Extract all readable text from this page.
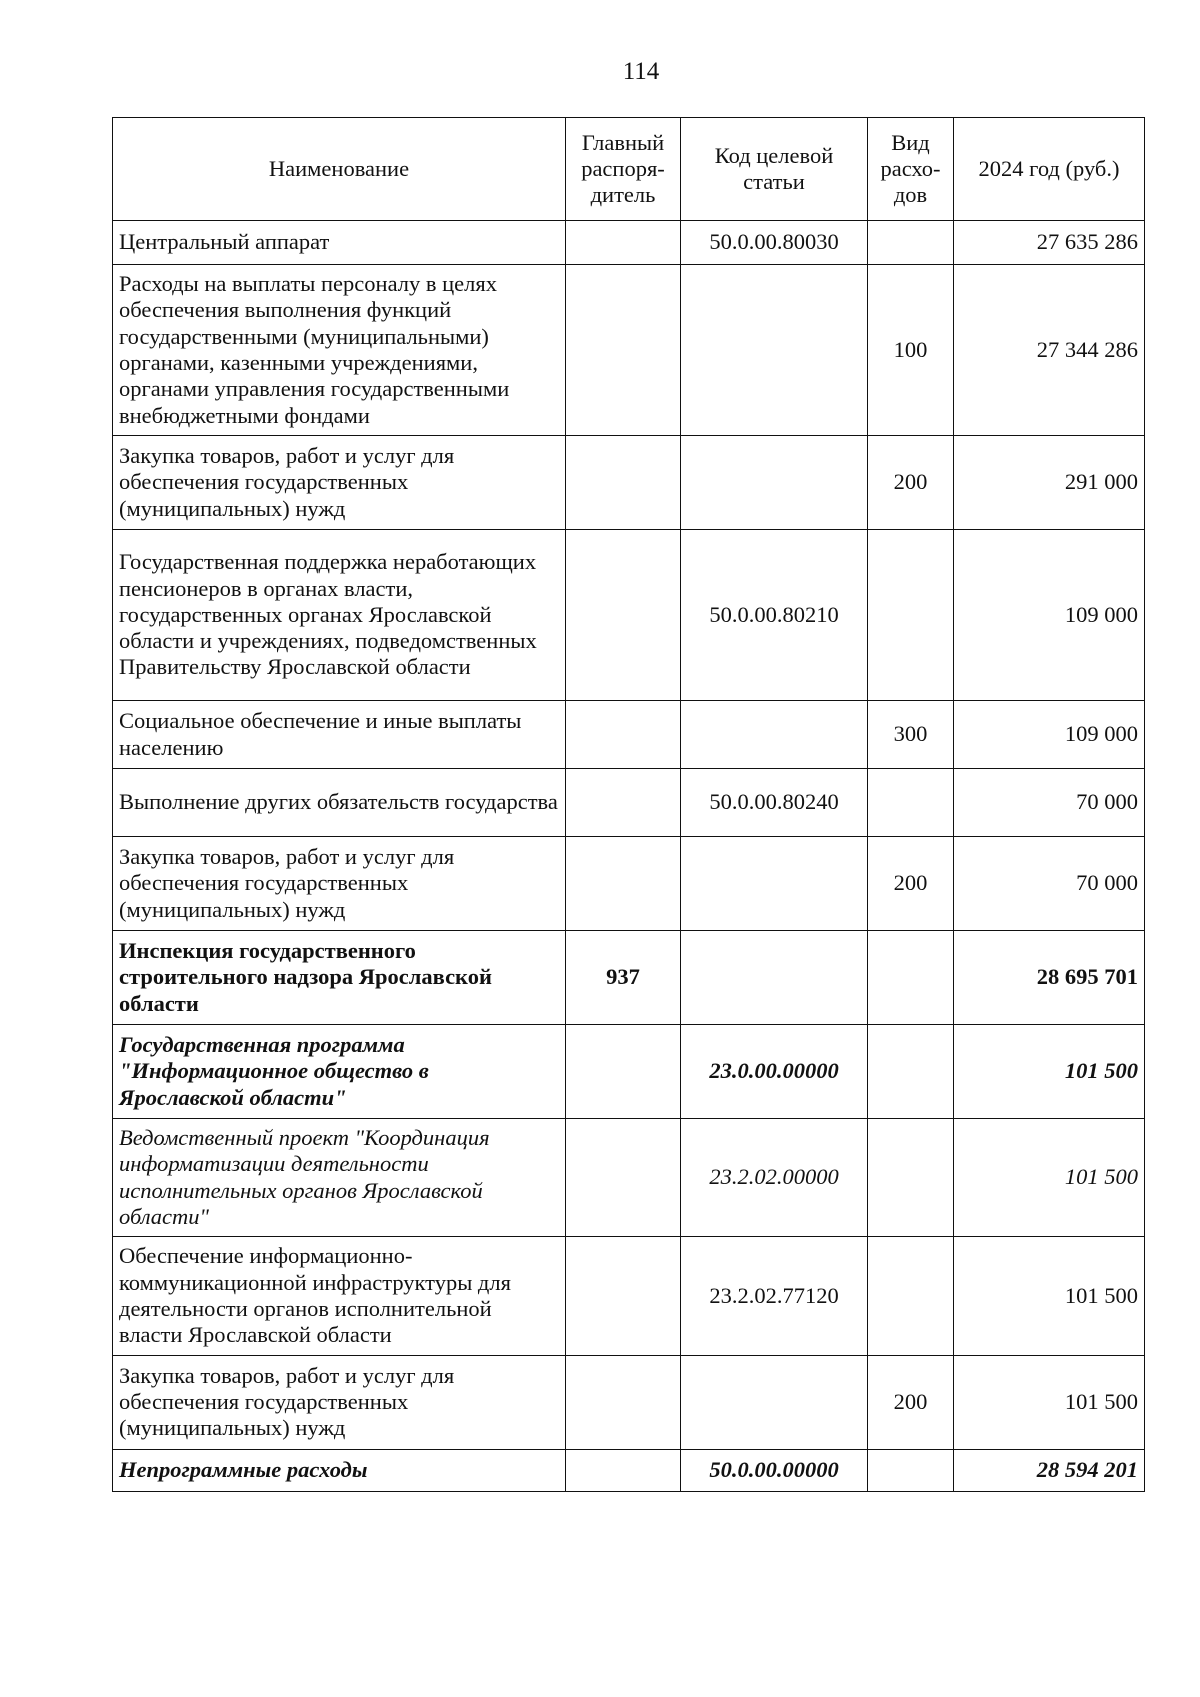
114
Наименование	Главный распоря-дитель	Код целевой статьи	Вид расхо-дов	2024 год (руб.)
Центральный аппарат		50.0.00.80030		27 635 286
Расходы на выплаты персоналу в целях обеспечения выполнения функций государственными (муниципальными) органами, казенными учреждениями, органами управления государственными внебюджетными фондами			100	27 344 286
Закупка товаров, работ и услуг для обеспечения государственных (муниципальных) нужд			200	291 000
Государственная поддержка неработающих пенсионеров в органах власти, государственных органах Ярославской области и учреждениях, подведомственных Правительству Ярославской области		50.0.00.80210		109 000
Социальное обеспечение и иные выплаты населению			300	109 000
Выполнение других обязательств государства		50.0.00.80240		70 000
Закупка товаров, работ и услуг для обеспечения государственных (муниципальных) нужд			200	70 000
Инспекция государственного строительного надзора Ярославской области	937			28 695 701
Государственная программа "Информационное общество в Ярославской области"		23.0.00.00000		101 500
Ведомственный проект "Координация информатизации деятельности исполнительных органов Ярославской области"		23.2.02.00000		101 500
Обеспечение информационно-коммуникационной инфраструктуры для деятельности органов исполнительной власти Ярославской области		23.2.02.77120		101 500
Закупка товаров, работ и услуг для обеспечения государственных (муниципальных) нужд			200	101 500
Непрограммные расходы		50.0.00.00000		28 594 201
